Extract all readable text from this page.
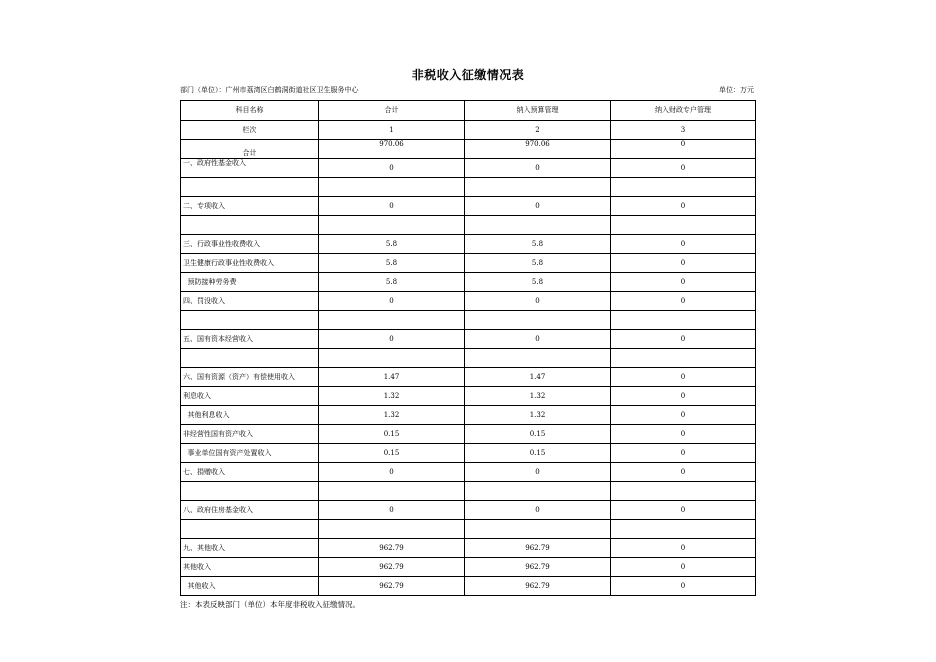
非税收入征缴情况表
部门（单位）：广州市荔湾区白鹤洞街道社区卫生服务中心	单位：万元
科目名称	合计	纳入预算管理	纳入财政专户管理
栏次	1	2	3
合计	970.06	970.06	0
一、政府性基金收入	0	0	0

二、专项收入	0	0	0

三、行政事业性收费收入	5.8	5.8	0
卫生健康行政事业性收费收入	5.8	5.8	0
预防接种劳务费	5.8	5.8	0
四、罚没收入	0	0	0

五、国有资本经营收入	0	0	0

六、国有资源（资产）有偿使用收入	1.47	1.47	0
利息收入	1.32	1.32	0
其他利息收入	1.32	1.32	0
非经营性国有资产收入	0.15	0.15	0
事业单位国有资产处置收入	0.15	0.15	0
七、捐赠收入	0	0	0

八、政府住房基金收入	0	0	0

九、其他收入	962.79	962.79	0
其他收入	962.79	962.79	0
其他收入	962.79	962.79	0
注：本表反映部门（单位）本年度非税收入征缴情况。
